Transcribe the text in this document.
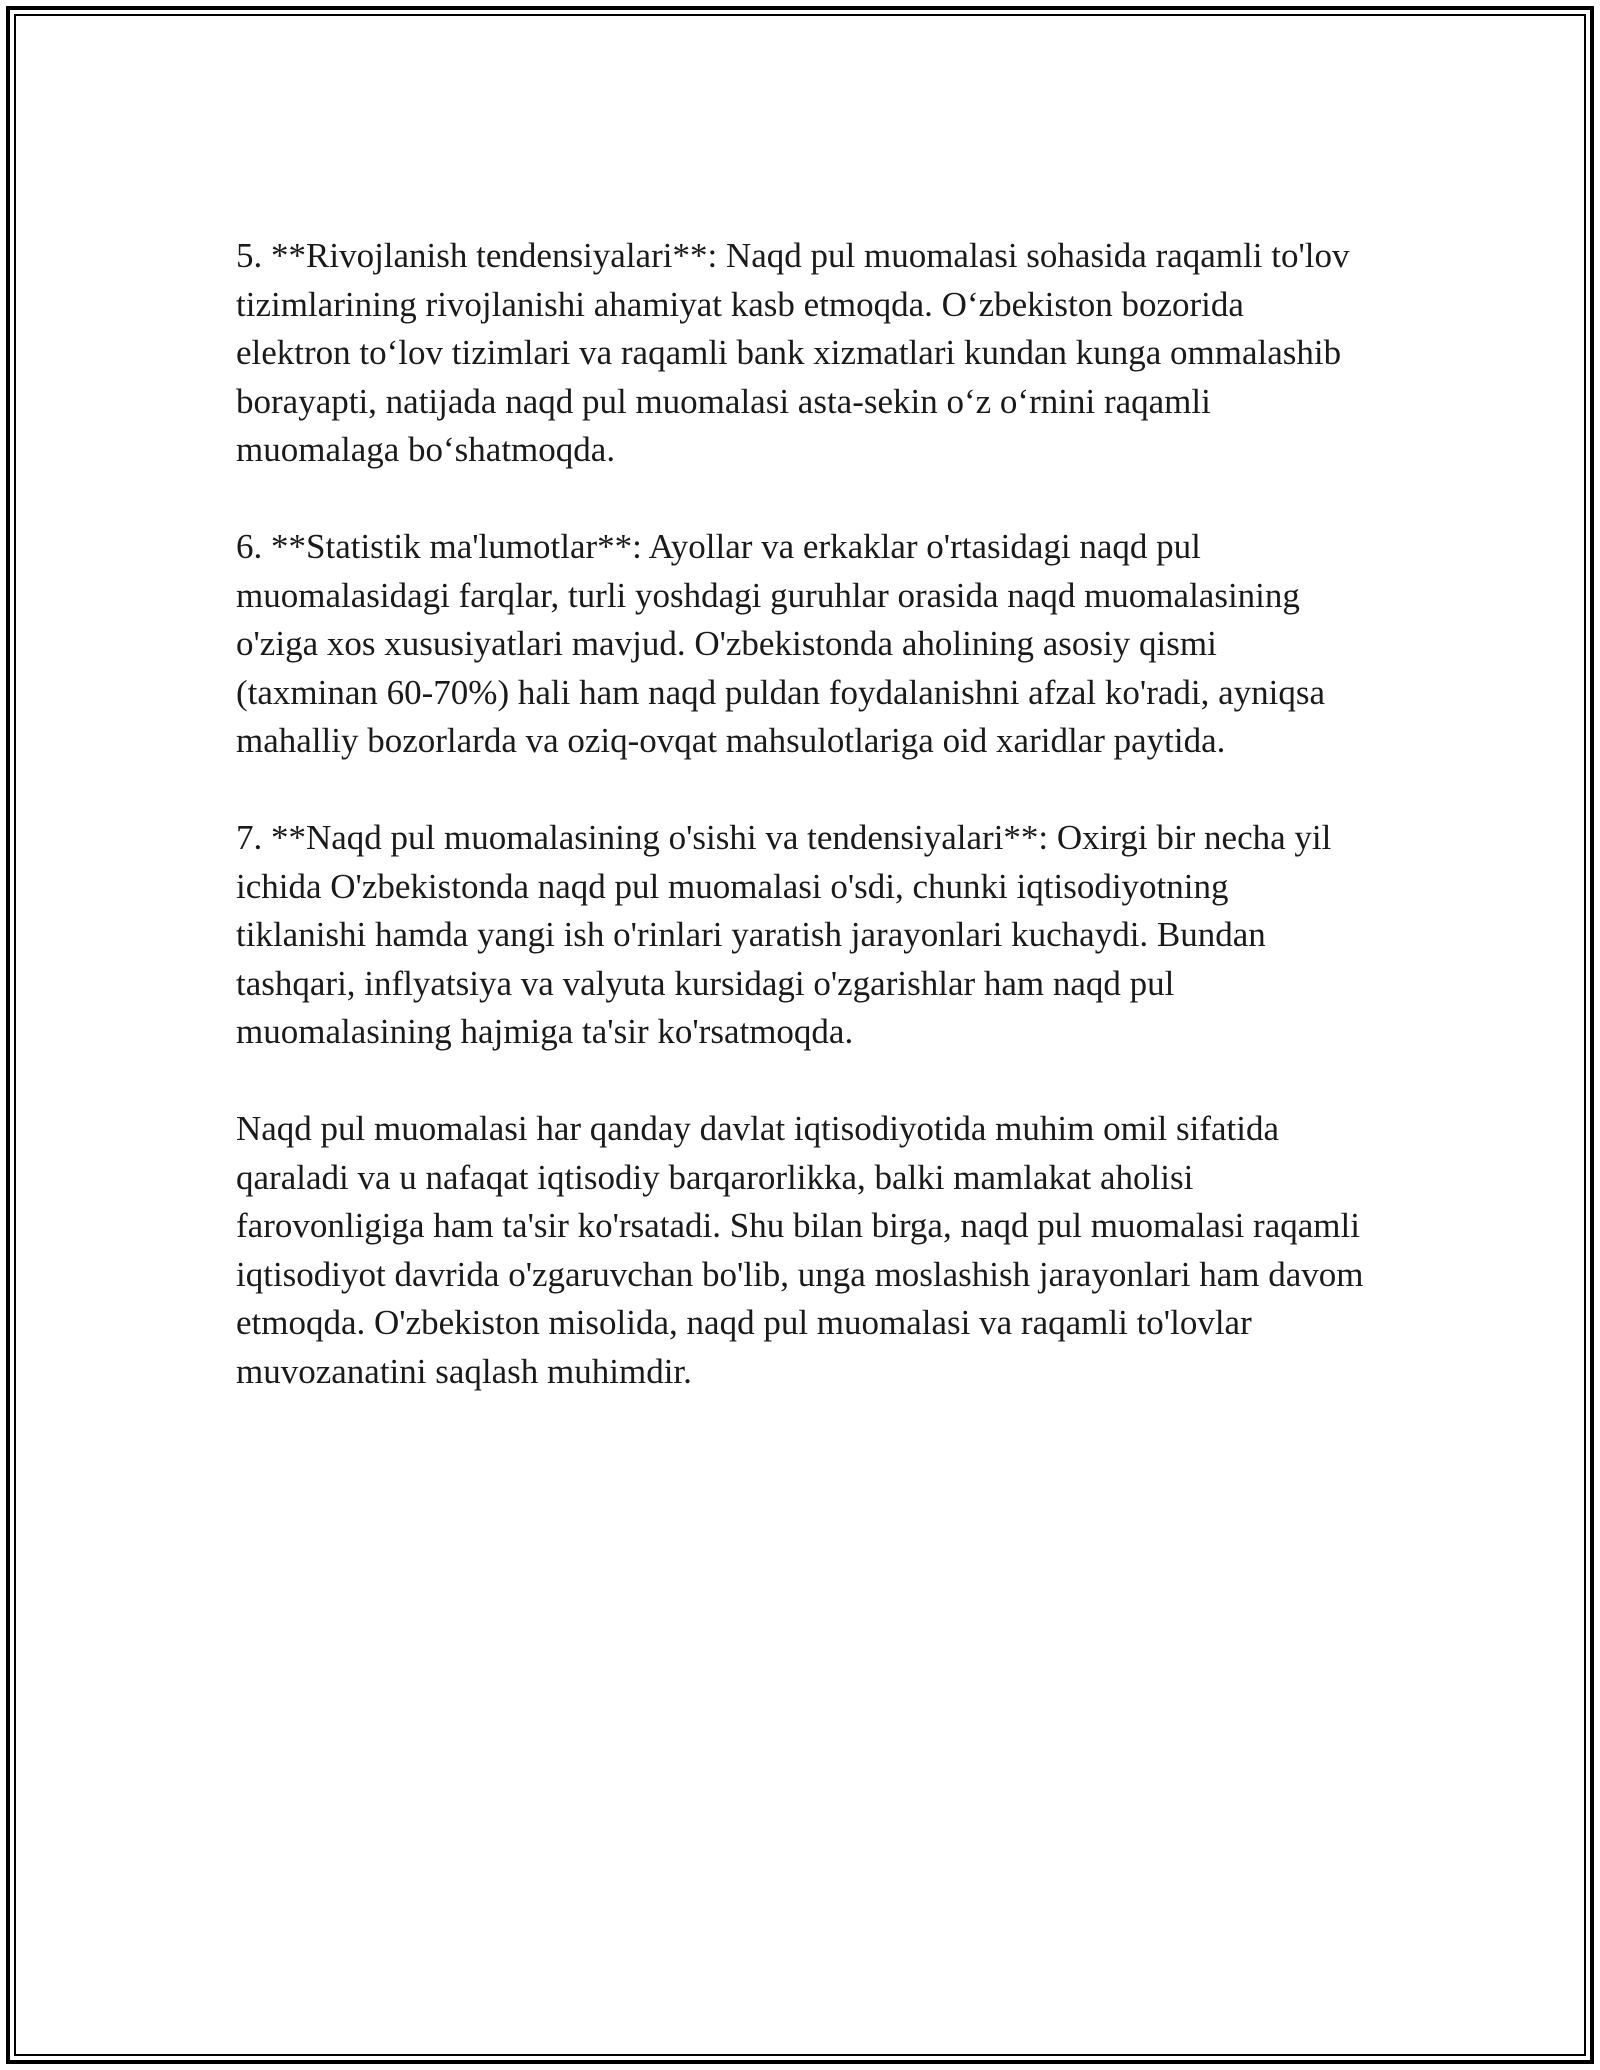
5. **Rivojlanish tendensiyalari**: Naqd pul muomalasi sohasida raqamli to'lov tizimlarining rivojlanishi ahamiyat kasb etmoqda. Oʻzbekiston bozorida elektron toʻlov tizimlari va raqamli bank xizmatlari kundan kunga ommalashib borayapti, natijada naqd pul muomalasi asta-sekin oʻz oʻrnini raqamli muomalaga boʻshatmoqda.

6. **Statistik ma'lumotlar**: Ayollar va erkaklar o'rtasidagi naqd pul muomalasidagi farqlar, turli yoshdagi guruhlar orasida naqd muomalasining o'ziga xos xususiyatlari mavjud. O'zbekistonda aholining asosiy qismi (taxminan 60-70%) hali ham naqd puldan foydalanishni afzal ko'radi, ayniqsa mahalliy bozorlarda va oziq-ovqat mahsulotlariga oid xaridlar paytida.

7. **Naqd pul muomalasining o'sishi va tendensiyalari**: Oxirgi bir necha yil ichida O'zbekistonda naqd pul muomalasi o'sdi, chunki iqtisodiyotning tiklanishi hamda yangi ish o'rinlari yaratish jarayonlari kuchaydi. Bundan tashqari, inflyatsiya va valyuta kursidagi o'zgarishlar ham naqd pul muomalasining hajmiga ta'sir ko'rsatmoqda.

Naqd pul muomalasi har qanday davlat iqtisodiyotida muhim omil sifatida qaraladi va u nafaqat iqtisodiy barqarorlikka, balki mamlakat aholisi farovonligiga ham ta'sir ko'rsatadi. Shu bilan birga, naqd pul muomalasi raqamli iqtisodiyot davrida o'zgaruvchan bo'lib, unga moslashish jarayonlari ham davom etmoqda. O'zbekiston misolida, naqd pul muomalasi va raqamli to'lovlar muvozanatini saqlash muhimdir.
